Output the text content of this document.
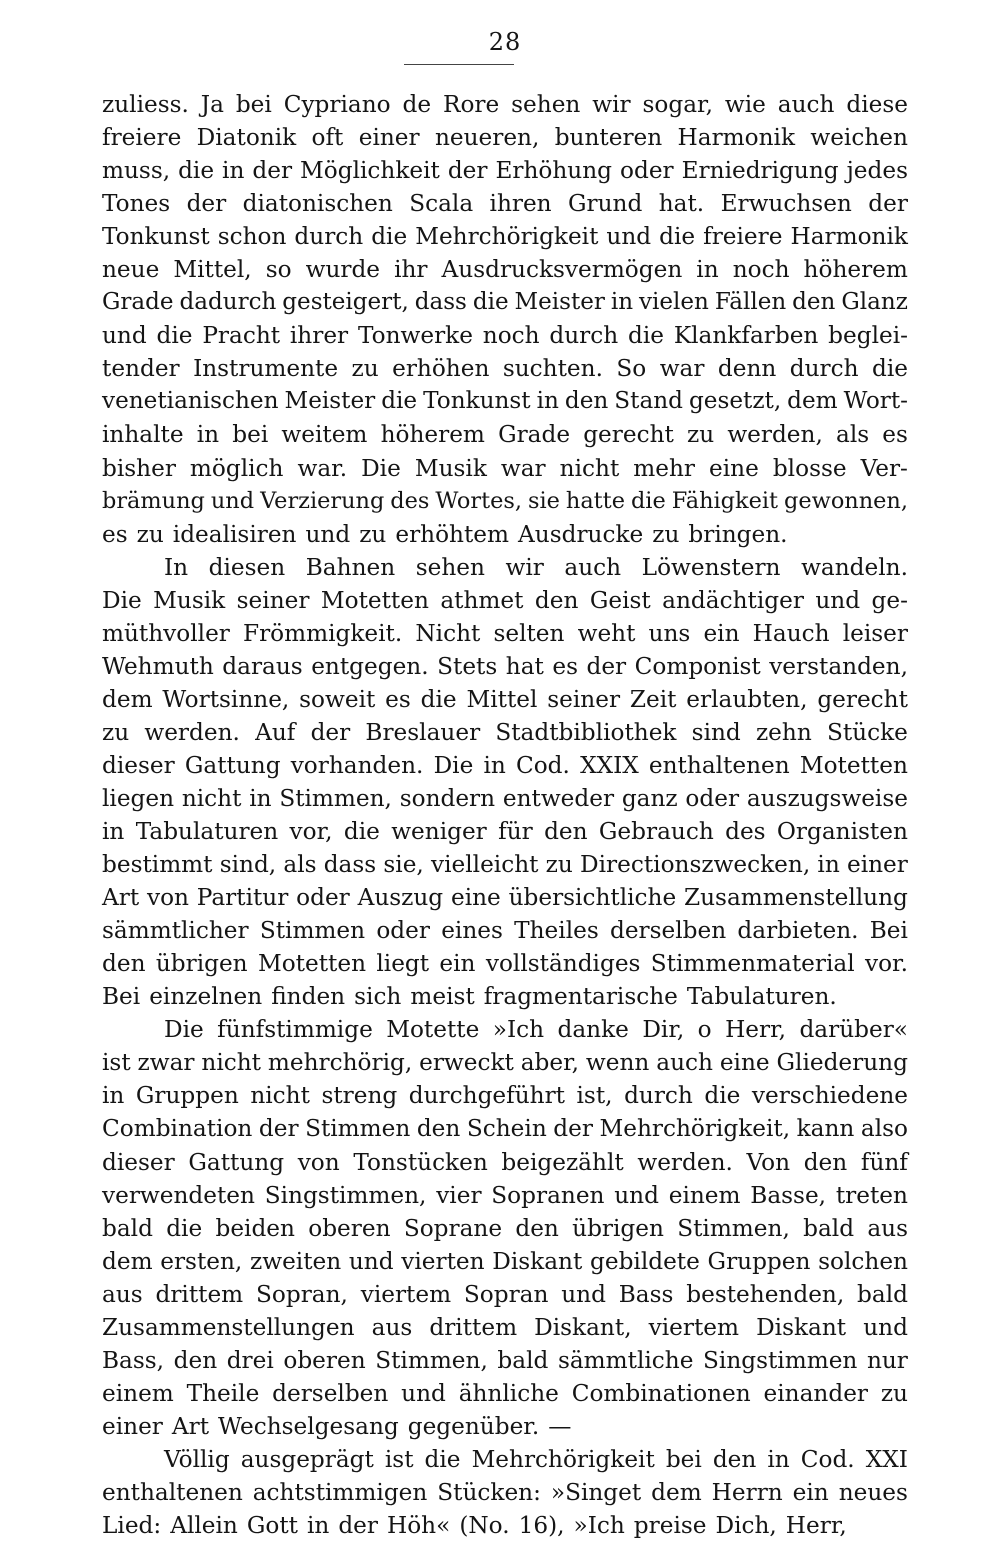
28
zuliess. Ja bei Cypriano de Rore sehen wir sogar, wie auch diese
freiere Diatonik oft einer neueren, bunteren Harmonik weichen
muss, die in der Möglichkeit der Erhöhung oder Erniedrigung jedes
Tones der diatonischen Scala ihren Grund hat. Erwuchsen der
Tonkunst schon durch die Mehrchörigkeit und die freiere Harmonik
neue Mittel, so wurde ihr Ausdrucksvermögen in noch höherem
Grade dadurch gesteigert, dass die Meister in vielen Fällen den Glanz
und die Pracht ihrer Tonwerke noch durch die Klankfarben beglei-
tender Instrumente zu erhöhen suchten. So war denn durch die
venetianischen Meister die Tonkunst in den Stand gesetzt, dem Wort-
inhalte in bei weitem höherem Grade gerecht zu werden, als es
bisher möglich war. Die Musik war nicht mehr eine blosse Ver-
brämung und Verzierung des Wortes, sie hatte die Fähigkeit gewonnen,
es zu idealisiren und zu erhöhtem Ausdrucke zu bringen.
In diesen Bahnen sehen wir auch Löwenstern wandeln.
Die Musik seiner Motetten athmet den Geist andächtiger und ge-
müthvoller Frömmigkeit. Nicht selten weht uns ein Hauch leiser
Wehmuth daraus entgegen. Stets hat es der Componist verstanden,
dem Wortsinne, soweit es die Mittel seiner Zeit erlaubten, gerecht
zu werden. Auf der Breslauer Stadtbibliothek sind zehn Stücke
dieser Gattung vorhanden. Die in Cod. XXIX enthaltenen Motetten
liegen nicht in Stimmen, sondern entweder ganz oder auszugsweise
in Tabulaturen vor, die weniger für den Gebrauch des Organisten
bestimmt sind, als dass sie, vielleicht zu Directionszwecken, in einer
Art von Partitur oder Auszug eine übersichtliche Zusammenstellung
sämmtlicher Stimmen oder eines Theiles derselben darbieten. Bei
den übrigen Motetten liegt ein vollständiges Stimmenmaterial vor.
Bei einzelnen finden sich meist fragmentarische Tabulaturen.
Die fünfstimmige Motette »Ich danke Dir, o Herr, darüber«
ist zwar nicht mehrchörig, erweckt aber, wenn auch eine Gliederung
in Gruppen nicht streng durchgeführt ist, durch die verschiedene
Combination der Stimmen den Schein der Mehrchörigkeit, kann also
dieser Gattung von Tonstücken beigezählt werden. Von den fünf
verwendeten Singstimmen, vier Sopranen und einem Basse, treten
bald die beiden oberen Soprane den übrigen Stimmen, bald aus
dem ersten, zweiten und vierten Diskant gebildete Gruppen solchen
aus drittem Sopran, viertem Sopran und Bass bestehenden, bald
Zusammenstellungen aus drittem Diskant, viertem Diskant und
Bass, den drei oberen Stimmen, bald sämmtliche Singstimmen nur
einem Theile derselben und ähnliche Combinationen einander zu
einer Art Wechselgesang gegenüber. —
Völlig ausgeprägt ist die Mehrchörigkeit bei den in Cod. XXI
enthaltenen achtstimmigen Stücken: »Singet dem Herrn ein neues
Lied: Allein Gott in der Höh« (No. 16), »Ich preise Dich, Herr,
